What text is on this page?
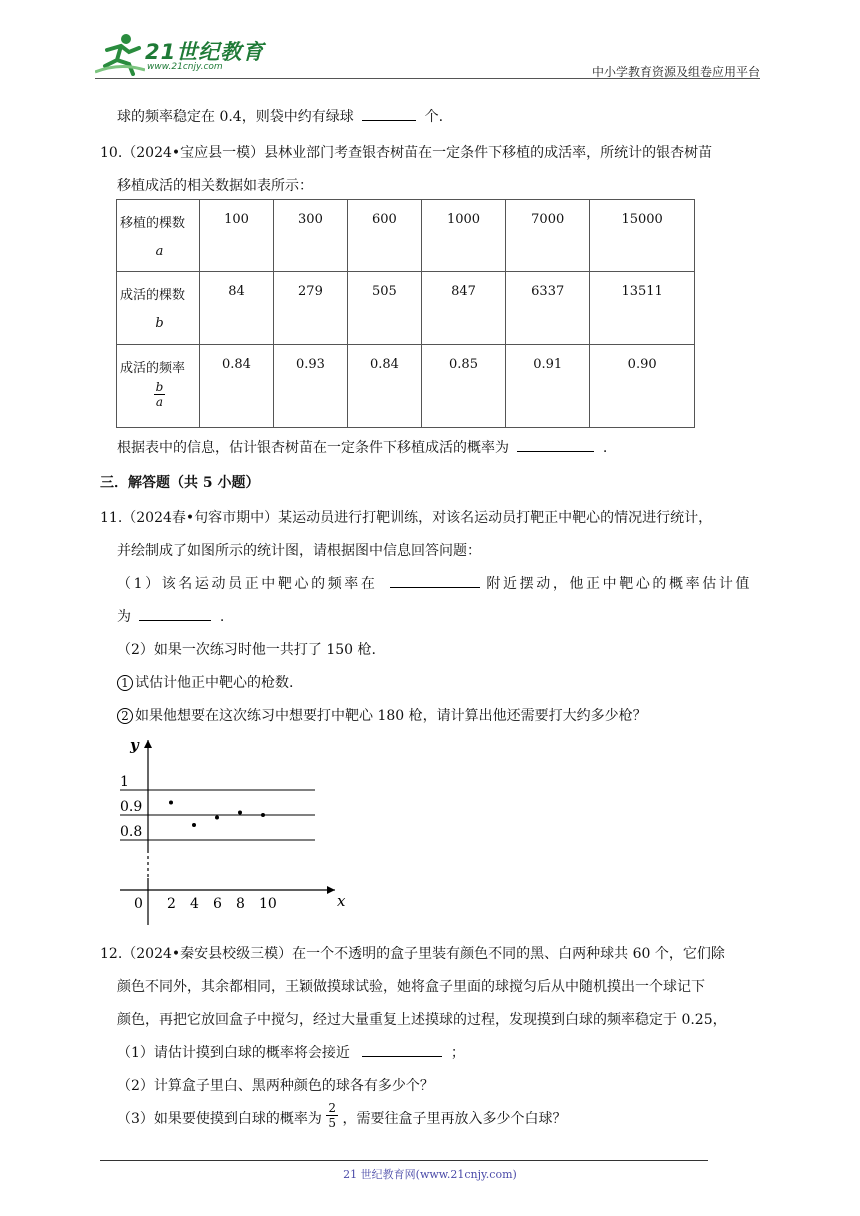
21世纪教育
www.21cnjy.com	中小学教育资源及组卷应用平台
球的频率稳定在 0.4，则袋中约有绿球	个.
10.（2024•宝应县一模）县林业部门考查银杏树苗在一定条件下移植的成活率，所统计的银杏树苗
移植成活的相关数据如表所示：
移植的棵数
a	100	300	600	1000	7000	15000

成活的棵数
b	84	279	505	847	6337	13511

成活的频率
$\frac{b}{a}$	0.84	0.93	0.84	0.85	0.91	0.90
根据表中的信息，估计银杏树苗在一定条件下移植成活的概率为	.
三．解答题（共 5 小题）
11.（2024春•句容市期中）某运动员进行打靶训练，对该名运动员打靶正中靶心的情况进行统计，
并绘制成了如图所示的统计图，请根据图中信息回答问题：
（1）该名运动员正中靶心的频率在	附近摆动，他正中靶心的概率估计值
为	.
（2）如果一次练习时他一共打了 150 枪.
1 试估计他正中靶心的枪数.
2 如果他想要在这次练习中想要打中靶心 180 枪，请计算出他还需要打大约多少枪？
y
x
0.8
0.9
1
0 2 4 6 8 10
12.（2024•秦安县校级三模）在一个不透明的盒子里装有颜色不同的黑、白两种球共 60 个，它们除
颜色不同外，其余都相同，王颖做摸球试验，她将盒子里面的球搅匀后从中随机摸出一个球记下
颜色，再把它放回盒子中搅匀，经过大量重复上述摸球的过程，发现摸到白球的频率稳定于 0.25，
（1）请估计摸到白球的概率将会接近	；
（2）计算盒子里白、黑两种颜色的球各有多少个？
（3）如果要使摸到白球的概率为 $\frac{2}{5}$ ，需要往盒子里再放入多少个白球？
21 世纪教育网(www.21cnjy.com)
